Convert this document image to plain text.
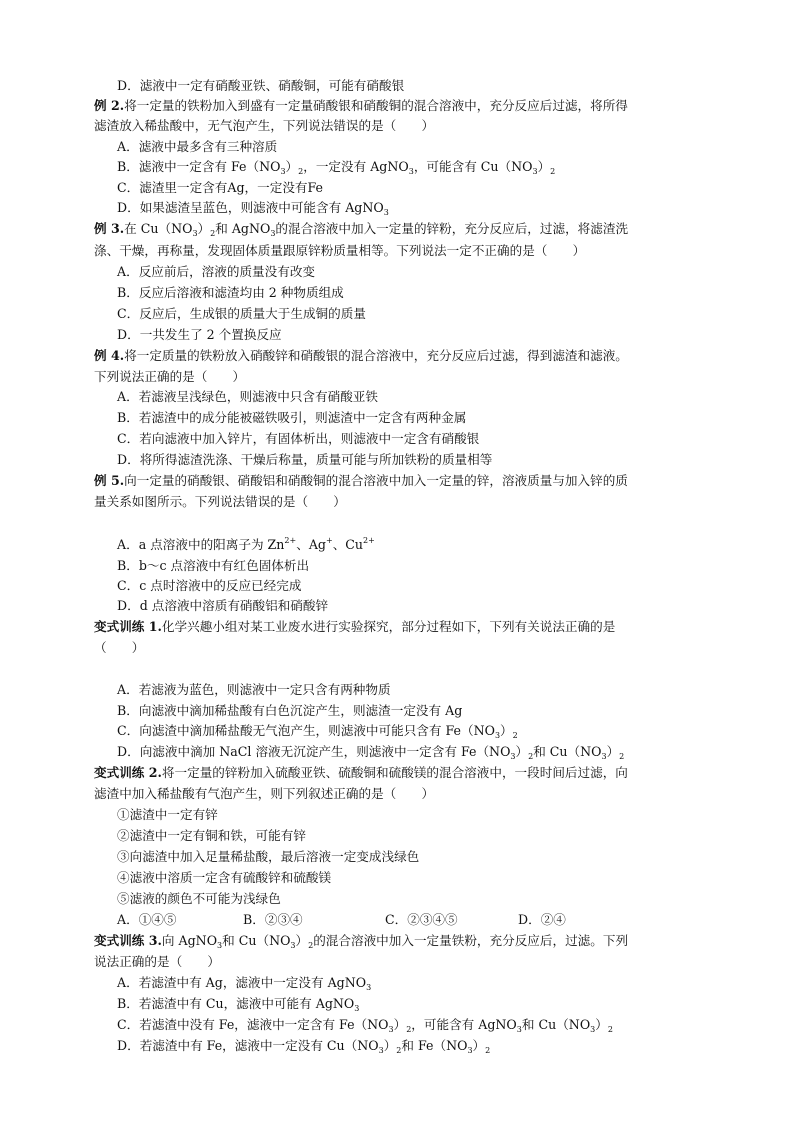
D．滤液中一定有硝酸亚铁、硝酸铜，可能有硝酸银
例 2.将一定量的铁粉加入到盛有一定量硝酸银和硝酸铜的混合溶液中，充分反应后过滤，将所得
滤渣放入稀盐酸中，无气泡产生，下列说法错误的是（　　）
A．滤液中最多含有三种溶质
B．滤液中一定含有 $Fe(NO_3)_2$，一定没有 AgNO$_3$，可能含有 $Cu(NO_3)_2$
C．滤渣里一定含有Ag，一定没有Fe
D．如果滤渣呈蓝色，则滤液中可能含有 AgNO$_3$
例 3.在 $Cu(NO_3)_2$和 AgNO$_3$的混合溶液中加入一定量的锌粉，充分反应后，过滤，将滤渣洗
涤、干燥，再称量，发现固体质量跟原锌粉质量相等。下列说法一定不正确的是（　　）
A．反应前后，溶液的质量没有改变
B．反应后溶液和滤渣均由 2 种物质组成
C．反应后，生成银的质量大于生成铜的质量
D．一共发生了 2 个置换反应
例 4.将一定质量的铁粉放入硝酸锌和硝酸银的混合溶液中，充分反应后过滤，得到滤渣和滤液。
下列说法正确的是（　　）
A．若滤液呈浅绿色，则滤液中只含有硝酸亚铁
B．若滤渣中的成分能被磁铁吸引，则滤渣中一定含有两种金属
C．若向滤液中加入锌片，有固体析出，则滤液中一定含有硝酸银
D．将所得滤渣洗涤、干燥后称量，质量可能与所加铁粉的质量相等
例 5.向一定量的硝酸银、硝酸铝和硝酸铜的混合溶液中加入一定量的锌，溶液质量与加入锌的质
量关系如图所示。下列说法错误的是（　　）
A．a 点溶液中的阳离子为 $Zn^{2+}$、Ag+、$Cu^{2+}$
B．b～c 点溶液中有红色固体析出
C．c 点时溶液中的反应已经完成
D．d 点溶液中溶质有硝酸铝和硝酸锌
变式训练 1.化学兴趣小组对某工业废水进行实验探究，部分过程如下，下列有关说法正确的是
（　　）
A．若滤液为蓝色，则滤液中一定只含有两种物质
B．向滤液中滴加稀盐酸有白色沉淀产生，则滤渣一定没有 Ag
C．向滤渣中滴加稀盐酸无气泡产生，则滤液中可能只含有 $Fe(NO_3)_2$
D．向滤液中滴加 NaCl 溶液无沉淀产生，则滤液中一定含有 $Fe(NO_3)_2$和 $Cu(NO_3)_2$
变式训练 2.将一定量的锌粉加入硫酸亚铁、硫酸铜和硫酸镁的混合溶液中，一段时间后过滤，向
滤渣中加入稀盐酸有气泡产生，则下列叙述正确的是（　　）
①滤渣中一定有锌
②滤渣中一定有铜和铁，可能有锌
③向滤渣中加入足量稀盐酸，最后溶液一定变成浅绿色
④滤液中溶质一定含有硫酸锌和硫酸镁
⑤滤液的颜色不可能为浅绿色
A．①④⑤	B．②③④	C．②③④⑤	D．②④
变式训练 3.向 AgNO$_3$和 $Cu(NO_3)_2$的混合溶液中加入一定量铁粉，充分反应后，过滤。下列
说法正确的是（　　）
A．若滤渣中有 Ag，滤液中一定没有 AgNO$_3$
B．若滤渣中有 Cu，滤液中可能有 AgNO$_3$
C．若滤渣中没有 Fe，滤液中一定含有 $Fe(NO_3)_2$，可能含有 AgNO$_3$和 $Cu(NO_3)_2$
D．若滤渣中有 Fe，滤液中一定没有 $Cu(NO_3)_2$和 $Fe(NO_3)_2$
